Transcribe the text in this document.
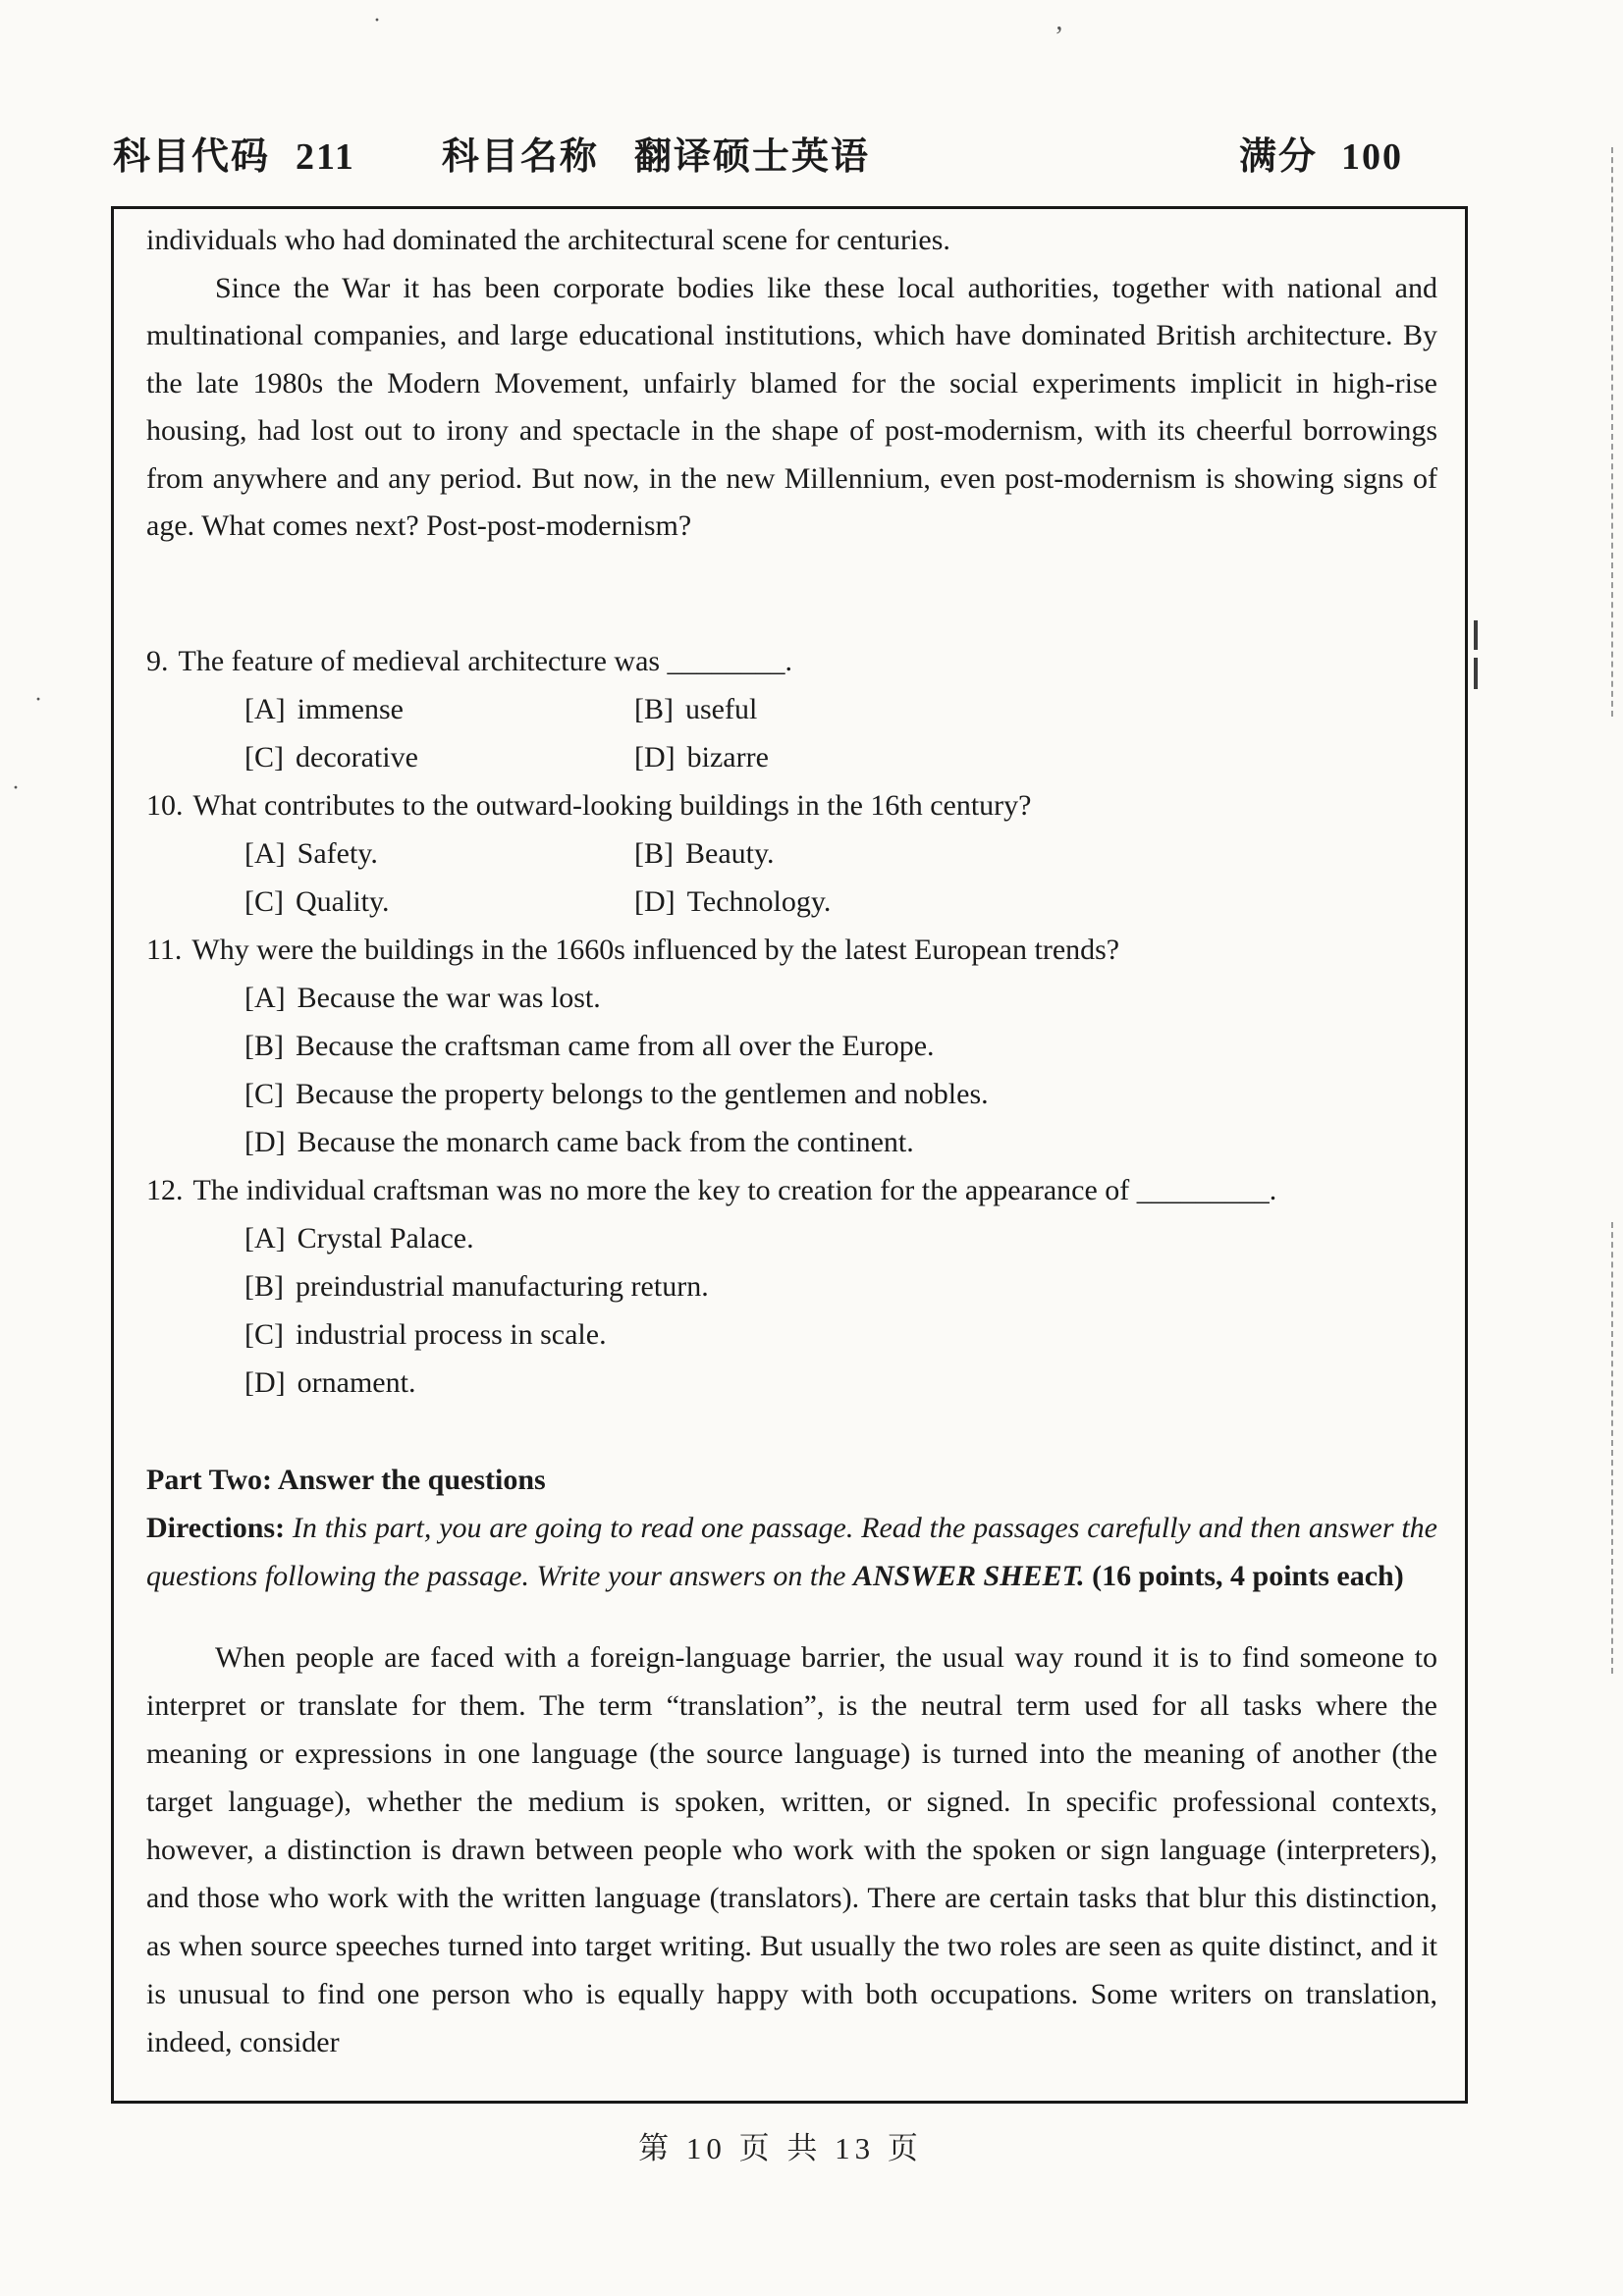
科目代码 211 科目名称 翻译硕士英语	满分 100
individuals who had dominated the architectural scene for centuries.

Since the War it has been corporate bodies like these local authorities, together with national and multinational companies, and large educational institutions, which have dominated British architecture. By the late 1980s the Modern Movement, unfairly blamed for the social experiments implicit in high-rise housing, had lost out to irony and spectacle in the shape of post-modernism, with its cheerful borrowings from anywhere and any period. But now, in the new Millennium, even post-modernism is showing signs of age. What comes next? Post-post-modernism?

9. The feature of medieval architecture was ________.
[A] immense	[B] useful
[C] decorative	[D] bizarre
10. What contributes to the outward-looking buildings in the 16th century?
[A] Safety.	[B] Beauty.
[C] Quality.	[D] Technology.
11. Why were the buildings in the 1660s influenced by the latest European trends?
[A] Because the war was lost.
[B] Because the craftsman came from all over the Europe.
[C] Because the property belongs to the gentlemen and nobles.
[D] Because the monarch came back from the continent.
12. The individual craftsman was no more the key to creation for the appearance of _________.
[A] Crystal Palace.
[B] preindustrial manufacturing return.
[C] industrial process in scale.
[D] ornament.
Part Two: Answer the questions
Directions: In this part, you are going to read one passage. Read the passages carefully and then answer the questions following the passage. Write your answers on the ANSWER SHEET. (16 points, 4 points each)

When people are faced with a foreign-language barrier, the usual way round it is to find someone to interpret or translate for them. The term “translation”, is the neutral term used for all tasks where the meaning or expressions in one language (the source language) is turned into the meaning of another (the target language), whether the medium is spoken, written, or signed. In specific professional contexts, however, a distinction is drawn between people who work with the spoken or sign language (interpreters), and those who work with the written language (translators). There are certain tasks that blur this distinction, as when source speeches turned into target writing. But usually the two roles are seen as quite distinct, and it is unusual to find one person who is equally happy with both occupations. Some writers on translation, indeed, consider

第 10 页 共 13 页
’
·
·
·
